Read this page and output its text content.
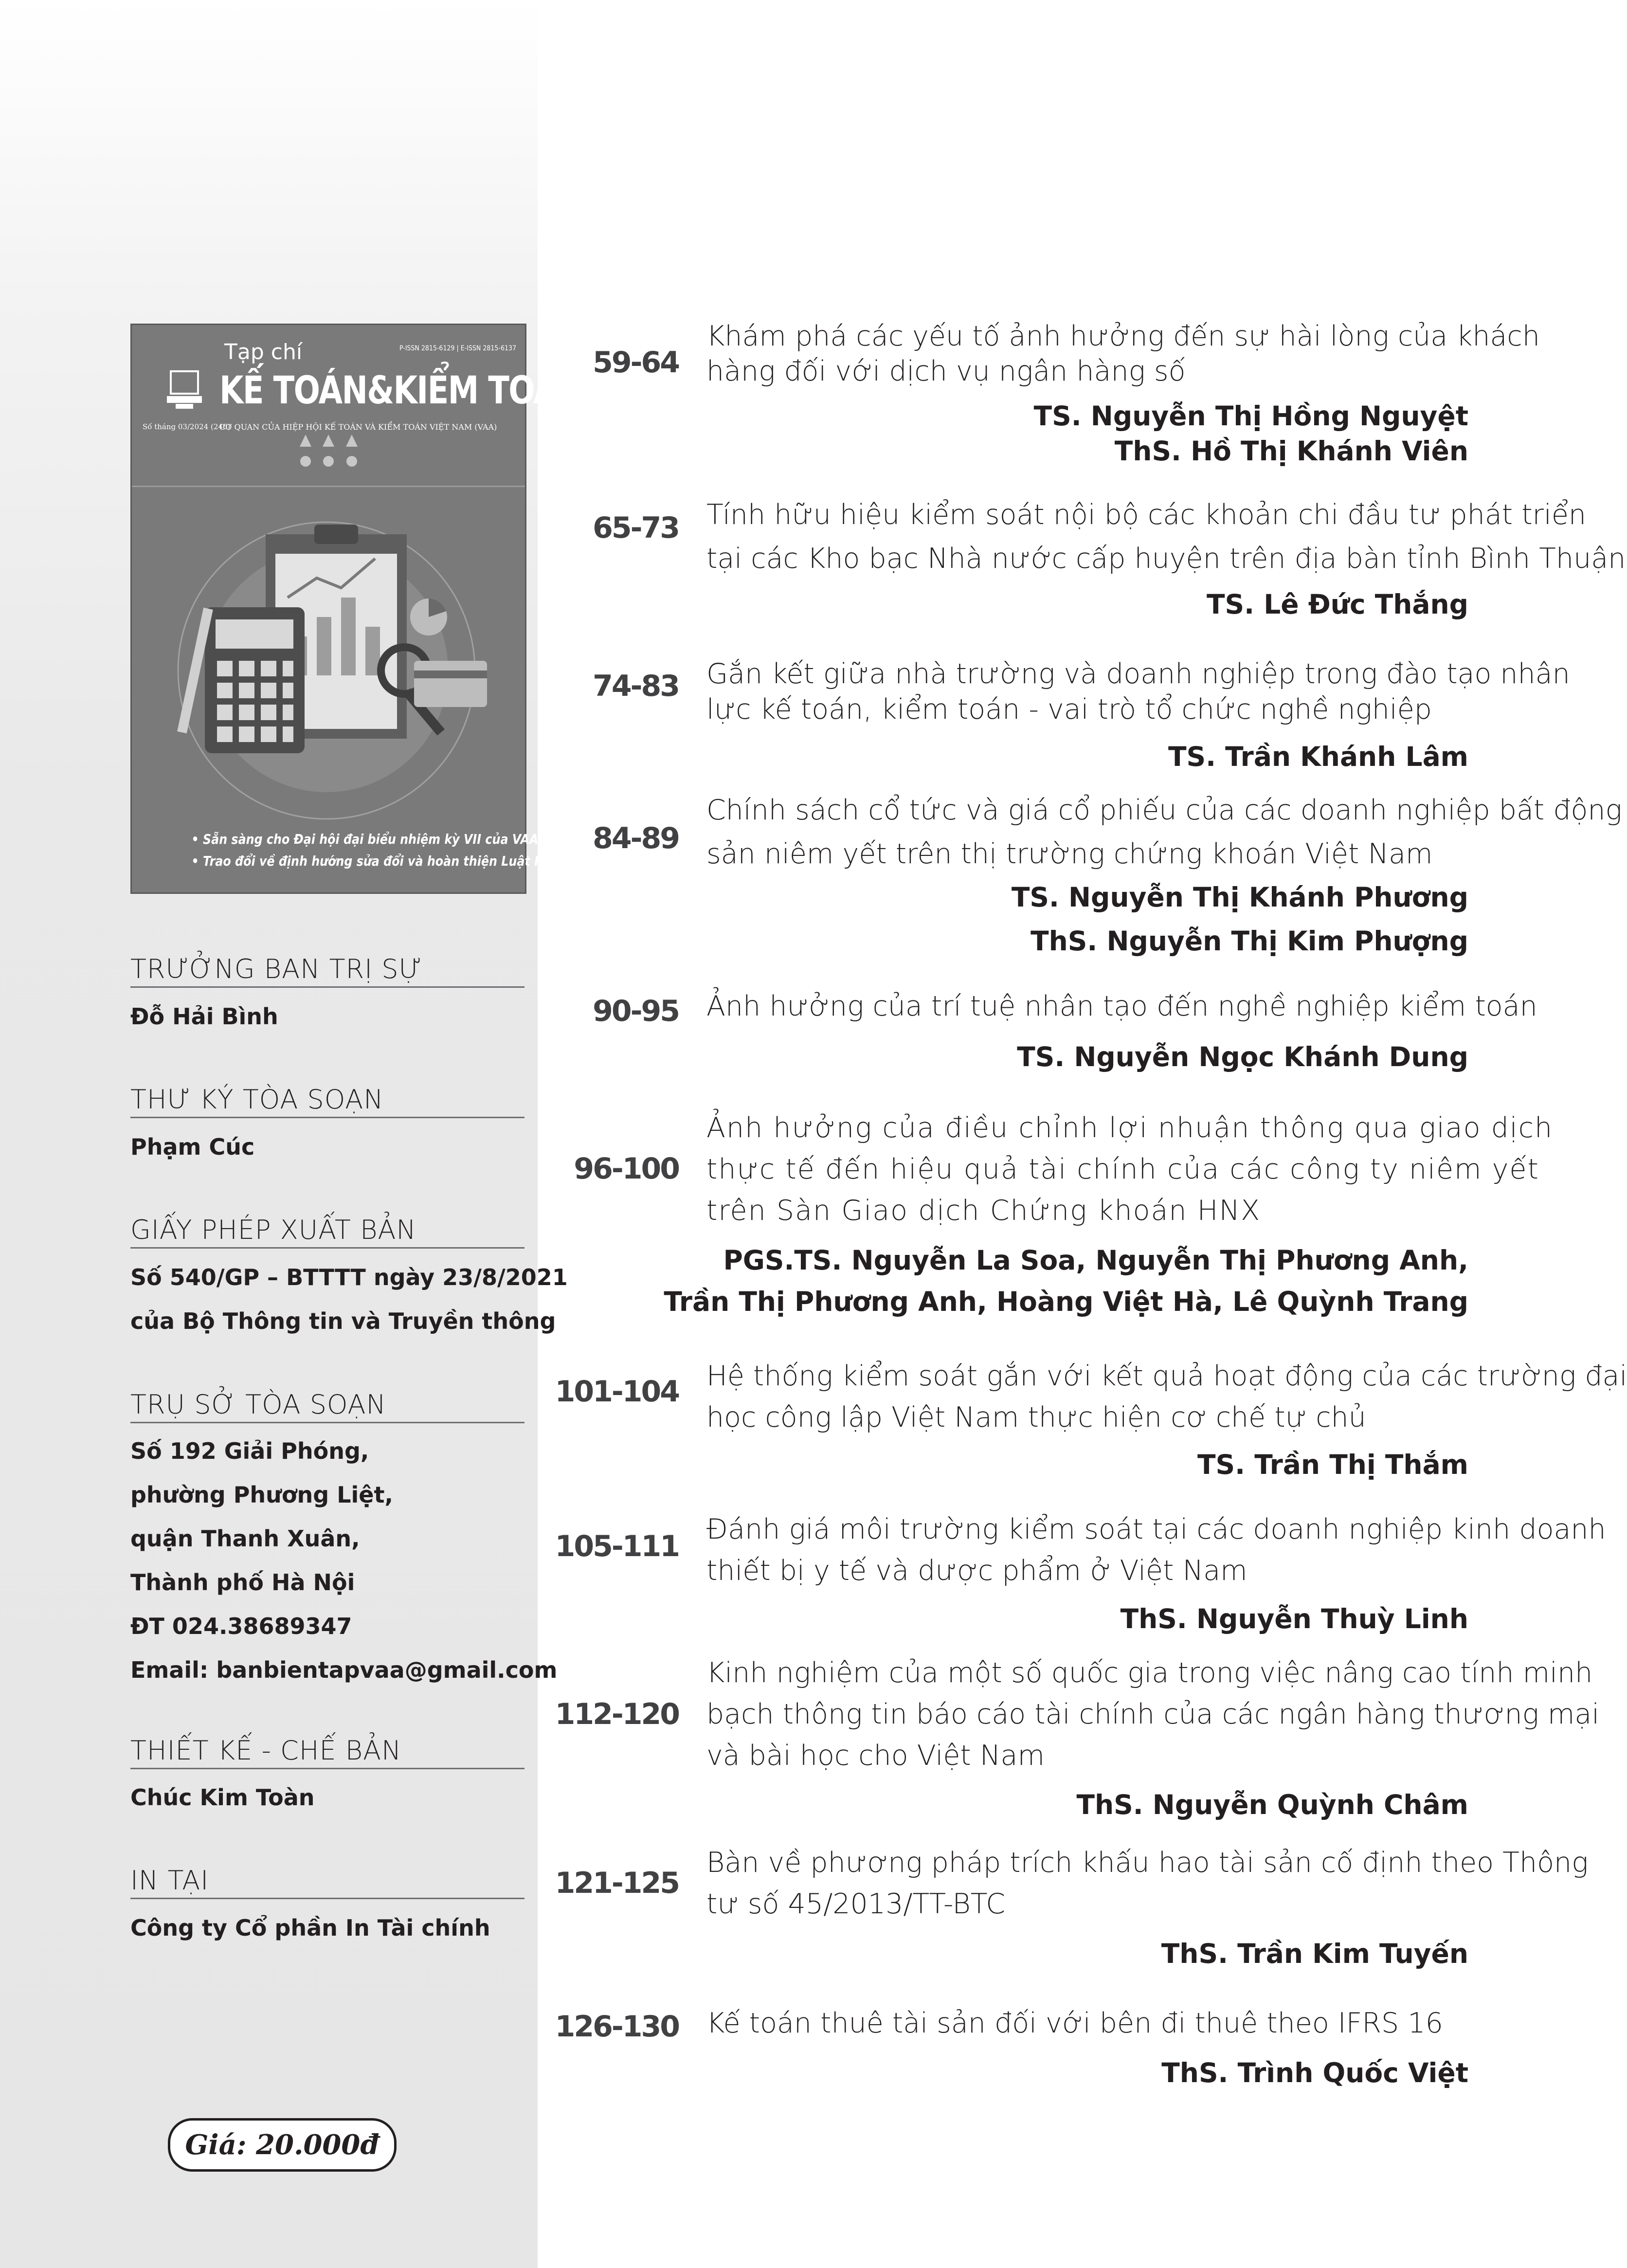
Tạp chí	P-ISSN 2815-6129 | E-ISSN 2815-6137
KẾ TOÁN&KIỂM TOÁN
Số tháng 03/2024 (246)
CƠ QUAN CỦA HIỆP HỘI KẾ TOÁN VÀ KIỂM TOÁN VIỆT NAM (VAA)
• Sẵn sàng cho Đại hội đại biểu nhiệm kỳ VII của VAA
• Trao đổi về định hướng sửa đổi và hoàn thiện Luật Kế toán 2015
TRƯỞNG BAN TRỊ SỰ
Đỗ Hải Bình
THƯ KÝ TÒA SOẠN
Phạm Cúc
GIẤY PHÉP XUẤT BẢN
Số 540/GP – BTTTT ngày 23/8/2021
của Bộ Thông tin và Truyền thông
TRỤ SỞ TÒA SOẠN
Số 192 Giải Phóng,
phường Phương Liệt,
quận Thanh Xuân,
Thành phố Hà Nội
ĐT 024.38689347
Email: banbientapvaa@gmail.com
THIẾT KẾ - CHẾ BẢN
Chúc Kim Toàn
IN TẠI
Công ty Cổ phần In Tài chính
Giá: 20.000đ
59-64
Khám phá các yếu tố ảnh hưởng đến sự hài lòng của khách
hàng đối với dịch vụ ngân hàng số
TS. Nguyễn Thị Hồng Nguyệt
ThS. Hồ Thị Khánh Viên
65-73 Tính hữu hiệu kiểm soát nội bộ các khoản chi đầu tư phát triển
tại các Kho bạc Nhà nước cấp huyện trên địa bàn tỉnh Bình Thuận
TS. Lê Đức Thắng
74-83 Gắn kết giữa nhà trường và doanh nghiệp trong đào tạo nhân
lực kế toán, kiểm toán - vai trò tổ chức nghề nghiệp
TS. Trần Khánh Lâm
84-89
Chính sách cổ tức và giá cổ phiếu của các doanh nghiệp bất động
sản niêm yết trên thị trường chứng khoán Việt Nam
TS. Nguyễn Thị Khánh Phương
ThS. Nguyễn Thị Kim Phượng
90-95 Ảnh hưởng của trí tuệ nhân tạo đến nghề nghiệp kiểm toán
TS. Nguyễn Ngọc Khánh Dung
96-100
Ảnh hưởng của điều chỉnh lợi nhuận thông qua giao dịch
thực tế đến hiệu quả tài chính của các công ty niêm yết
trên Sàn Giao dịch Chứng khoán HNX
PGS.TS. Nguyễn La Soa, Nguyễn Thị Phương Anh,
Trần Thị Phương Anh, Hoàng Việt Hà, Lê Quỳnh Trang
101-104 Hệ thống kiểm soát gắn với kết quả hoạt động của các trường đại
học công lập Việt Nam thực hiện cơ chế tự chủ
TS. Trần Thị Thắm
105-111 Đánh giá môi trường kiểm soát tại các doanh nghiệp kinh doanh
thiết bị y tế và dược phẩm ở Việt Nam
ThS. Nguyễn Thuỳ Linh
112-120
Kinh nghiệm của một số quốc gia trong việc nâng cao tính minh
bạch thông tin báo cáo tài chính của các ngân hàng thương mại
và bài học cho Việt Nam
ThS. Nguyễn Quỳnh Châm
121-125
Bàn về phương pháp trích khấu hao tài sản cố định theo Thông
tư số 45/2013/TT-BTC
ThS. Trần Kim Tuyến
126-130 Kế toán thuê tài sản đối với bên đi thuê theo IFRS 16
ThS. Trình Quốc Việt
